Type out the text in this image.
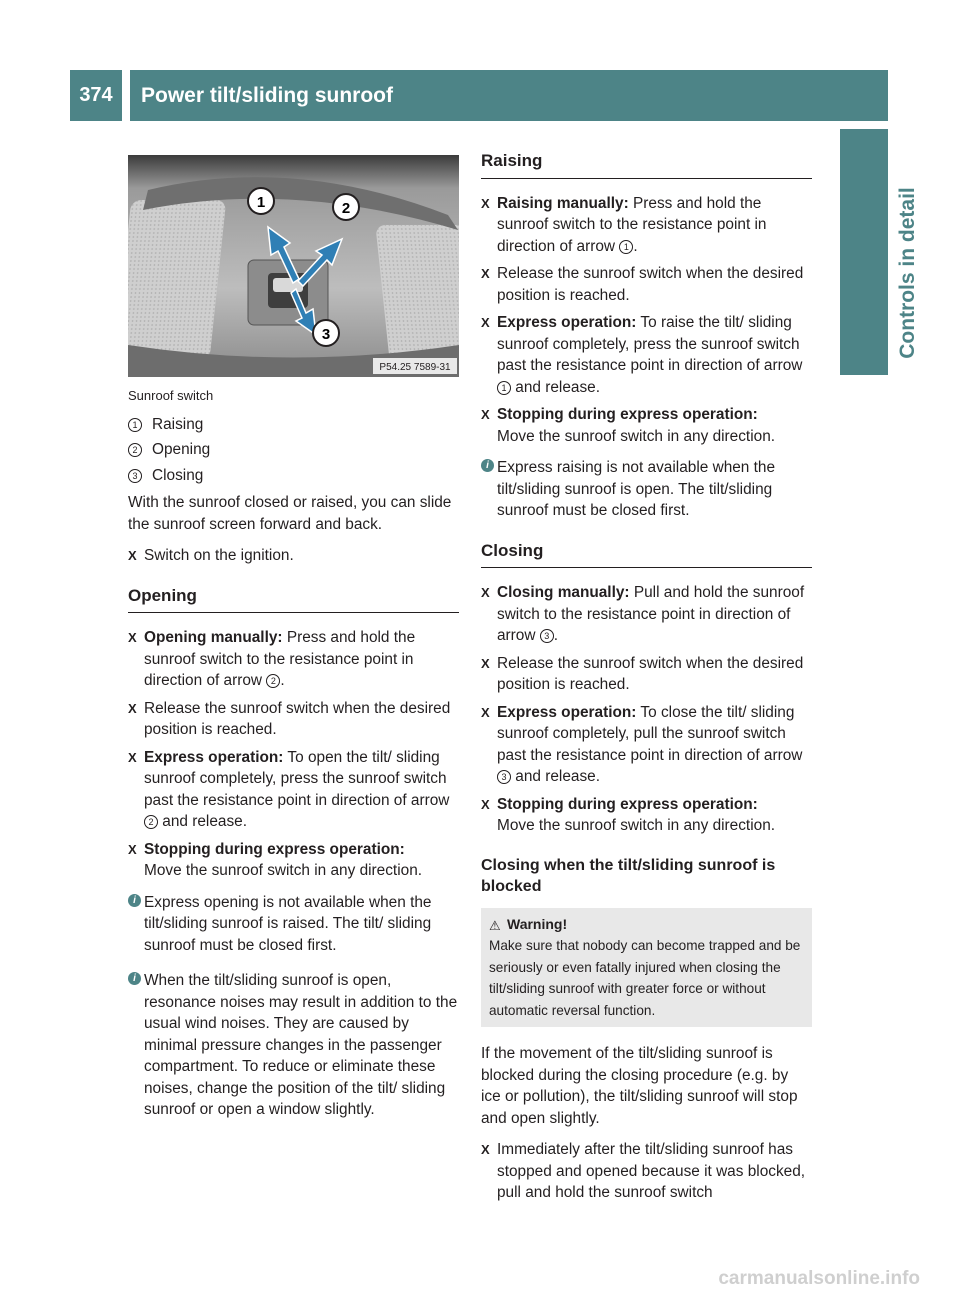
374	Power tilt/sliding sunroof
Controls in detail
1	2
3
P54.25 7589-31

Sunroof switch

1 Raising
2 Opening
3 Closing

With the sunroof closed or raised, you can slide the sunroof screen forward and back.

X Switch on the ignition.
Opening
X Opening manually: Press and hold the sunroof switch to the resistance point in direction of arrow 2 .
X Release the sunroof switch when the desired position is reached.
X Express operation: To open the tilt/ sliding sunroof completely, press the sunroof switch past the resistance point in direction of arrow 2 and release.
X Stopping during express operation:
Move the sunroof switch in any direction.
i Express opening is not available when the tilt/sliding sunroof is raised. The tilt/ sliding sunroof must be closed first.
i When the tilt/sliding sunroof is open, resonance noises may result in addition to the usual wind noises. They are caused by minimal pressure changes in the passenger compartment. To reduce or eliminate these noises, change the position of the tilt/ sliding sunroof or open a window slightly.
Raising
X Raising manually: Press and hold the sunroof switch to the resistance point in direction of arrow 1 .
X Release the sunroof switch when the desired position is reached.
X Express operation: To raise the tilt/ sliding sunroof completely, press the sunroof switch past the resistance point in direction of arrow 1 and release.
X Stopping during express operation:
Move the sunroof switch in any direction.
i Express raising is not available when the tilt/sliding sunroof is open. The tilt/sliding sunroof must be closed first.
Closing
X Closing manually: Pull and hold the sunroof switch to the resistance point in direction of arrow 3 .
X Release the sunroof switch when the desired position is reached.
X Express operation: To close the tilt/ sliding sunroof completely, pull the sunroof switch past the resistance point in direction of arrow 3 and release.
X Stopping during express operation:
Move the sunroof switch in any direction.
Closing when the tilt/sliding sunroof is blocked
⚠ Warning!
Make sure that nobody can become trapped and be seriously or even fatally injured when closing the tilt/sliding sunroof with greater force or without automatic reversal function.

If the movement of the tilt/sliding sunroof is blocked during the closing procedure (e.g. by ice or pollution), the tilt/sliding sunroof will stop and open slightly.

X Immediately after the tilt/sliding sunroof has stopped and opened because it was blocked, pull and hold the sunroof switch
carmanualsonline.info
